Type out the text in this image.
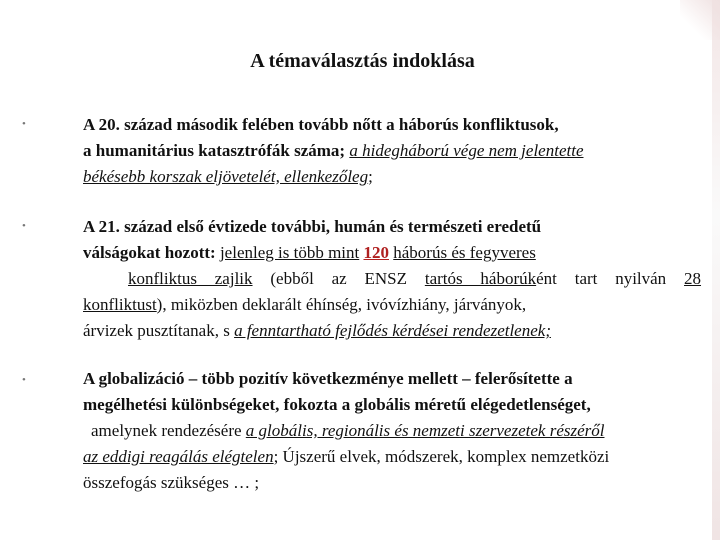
A témaválasztás indoklása
•	A 20. század második felében tovább nőtt a háborús konfliktusok,
a humanitárius katasztrófák száma; a hidegháború vége nem jelentette
békésebb korszak eljövetelét, ellenkezőleg;
•	A 21. század első évtizede további, humán és természeti eredetű
válságokat hozott: jelenleg is több mint 120 háborús és fegyveres
konfliktus zajlik (ebből az ENSZ tartós háborúként tart nyilván 28
konfliktust), miközben deklarált éhínség, ivóvízhiány, járványok,
árvizek pusztítanak, s a fenntartható fejlődés kérdései rendezetlenek;
•	A globalizáció – több pozitív következménye mellett – felerősítette a
megélhetési különbségeket, fokozta a globális méretű elégedetlenséget,
amelynek rendezésére a globális, regionális és nemzeti szervezetek részéről
az eddigi reagálás elégtelen; Újszerű elvek, módszerek, komplex nemzetközi
összefogás szükséges … ;
